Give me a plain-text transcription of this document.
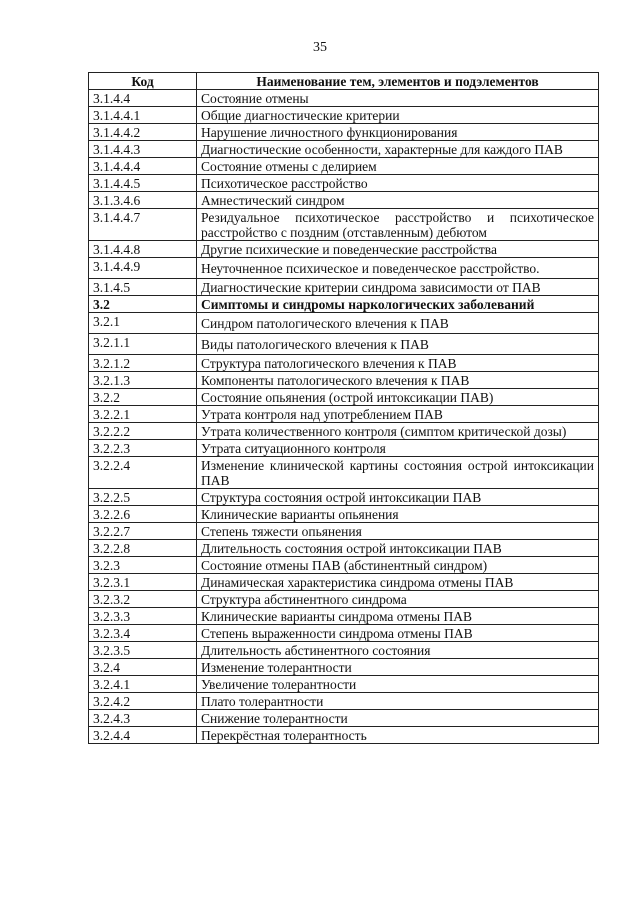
35
Код	Наименование тем, элементов и подэлементов
3.1.4.4	Состояние отмены
3.1.4.4.1	Общие диагностические критерии
3.1.4.4.2	Нарушение личностного функционирования
3.1.4.4.3	Диагностические особенности, характерные для каждого ПАВ
3.1.4.4.4	Состояние отмены с делирием
3.1.4.4.5	Психотическое расстройство
3.1.3.4.6	Амнестический синдром
3.1.4.4.7	Резидуальное психотическое расстройство и психотическое расстройство с поздним (отставленным) дебютом
3.1.4.4.8	Другие психические и поведенческие расстройства
3.1.4.4.9	Неуточненное психическое и поведенческое расстройство.
3.1.4.5	Диагностические критерии синдрома зависимости от ПАВ
3.2	Симптомы и синдромы наркологических заболеваний
3.2.1	Синдром патологического влечения к ПАВ
3.2.1.1	Виды патологического влечения к ПАВ
3.2.1.2	Структура патологического влечения к ПАВ
3.2.1.3	Компоненты патологического влечения к ПАВ
3.2.2	Состояние опьянения (острой интоксикации ПАВ)
3.2.2.1	Утрата контроля над употреблением ПАВ
3.2.2.2	Утрата количественного контроля (симптом критической дозы)
3.2.2.3	Утрата ситуационного контроля
3.2.2.4	Изменение клинической картины состояния острой интоксикации ПАВ
3.2.2.5	Структура состояния острой интоксикации ПАВ
3.2.2.6	Клинические варианты опьянения
3.2.2.7	Степень тяжести опьянения
3.2.2.8	Длительность состояния острой интоксикации ПАВ
3.2.3	Состояние отмены ПАВ (абстинентный синдром)
3.2.3.1	Динамическая характеристика синдрома отмены ПАВ
3.2.3.2	Структура абстинентного синдрома
3.2.3.3	Клинические варианты синдрома отмены ПАВ
3.2.3.4	Степень выраженности синдрома отмены ПАВ
3.2.3.5	Длительность абстинентного состояния
3.2.4	Изменение толерантности
3.2.4.1	Увеличение толерантности
3.2.4.2	Плато толерантности
3.2.4.3	Снижение толерантности
3.2.4.4	Перекрёстная толерантность
